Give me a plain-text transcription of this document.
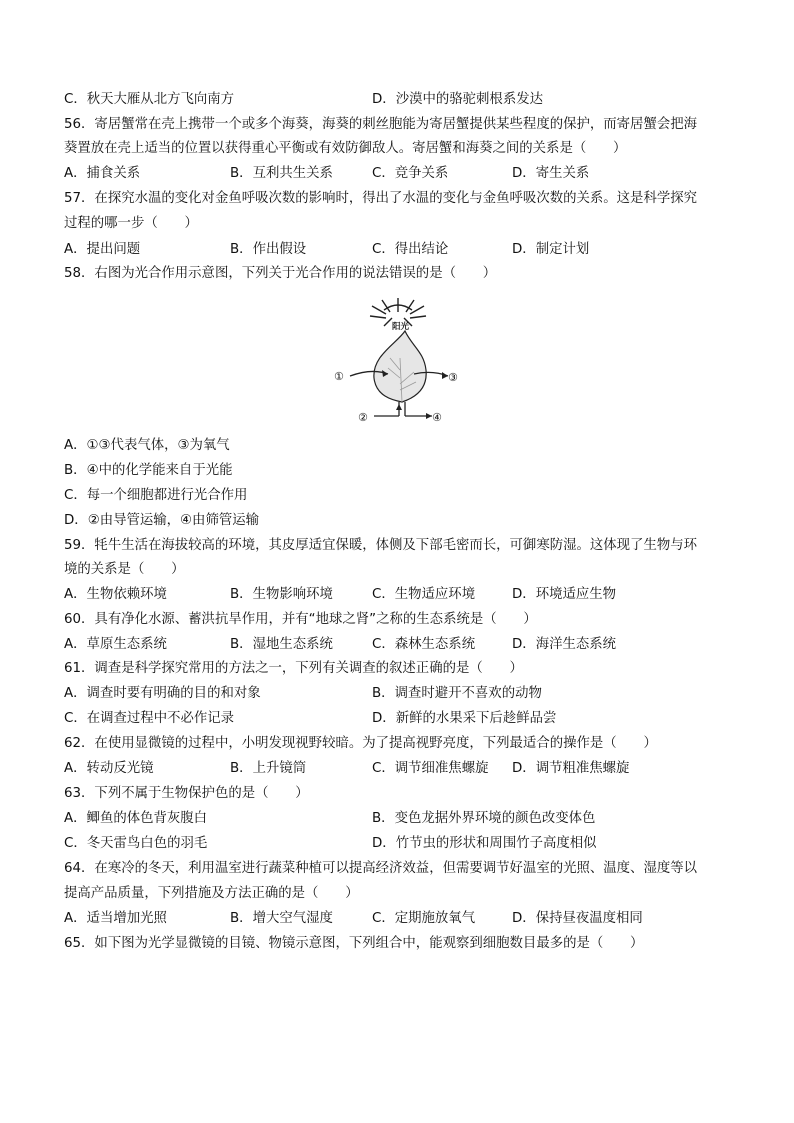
C．秋天大雁从北方飞向南方	D．沙漠中的骆驼刺根系发达
56．寄居蟹常在壳上携带一个或多个海葵，海葵的刺丝胞能为寄居蟹提供某些程度的保护，而寄居蟹会把海
葵置放在壳上适当的位置以获得重心平衡或有效防御敌人。寄居蟹和海葵之间的关系是（　　）
A．捕食关系	B．互利共生关系	C．竞争关系	D．寄生关系
57．在探究水温的变化对金鱼呼吸次数的影响时，得出了水温的变化与金鱼呼吸次数的关系。这是科学探究
过程的哪一步（　　）
A．提出问题	B．作出假设	C．得出结论	D．制定计划
58．右图为光合作用示意图，下列关于光合作用的说法错误的是（　　）
阳光
①	③
②	④
A．①③代表气体，③为氧气
B．④中的化学能来自于光能
C．每一个细胞都进行光合作用
D．②由导管运输，④由筛管运输
59．牦牛生活在海拔较高的环境，其皮厚适宜保暖，体侧及下部毛密而长，可御寒防湿。这体现了生物与环
境的关系是（　　）
A．生物依赖环境	B．生物影响环境	C．生物适应环境	D．环境适应生物
60．具有净化水源、蓄洪抗旱作用，并有“地球之肾”之称的生态系统是（　　）
A．草原生态系统	B．湿地生态系统	C．森林生态系统	D．海洋生态系统
61．调查是科学探究常用的方法之一，下列有关调查的叙述正确的是（　　）
A．调查时要有明确的目的和对象	B．调查时避开不喜欢的动物
C．在调查过程中不必作记录	D．新鲜的水果采下后趁鲜品尝
62．在使用显微镜的过程中，小明发现视野较暗。为了提高视野亮度，下列最适合的操作是（　　）
A．转动反光镜	B．上升镜筒	C．调节细准焦螺旋 D．调节粗准焦螺旋
63．下列不属于生物保护色的是（　　）
A．鲫鱼的体色背灰腹白	B．变色龙据外界环境的颜色改变体色
C．冬天雷鸟白色的羽毛	D．竹节虫的形状和周围竹子高度相似
64．在寒冷的冬天，利用温室进行蔬菜种植可以提高经济效益，但需要调节好温室的光照、温度、湿度等以
提高产品质量，下列措施及方法正确的是（　　）
A．适当增加光照	B．增大空气湿度	C．定期施放氧气	D．保持昼夜温度相同
65．如下图为光学显微镜的目镜、物镜示意图，下列组合中，能观察到细胞数目最多的是（　　）
